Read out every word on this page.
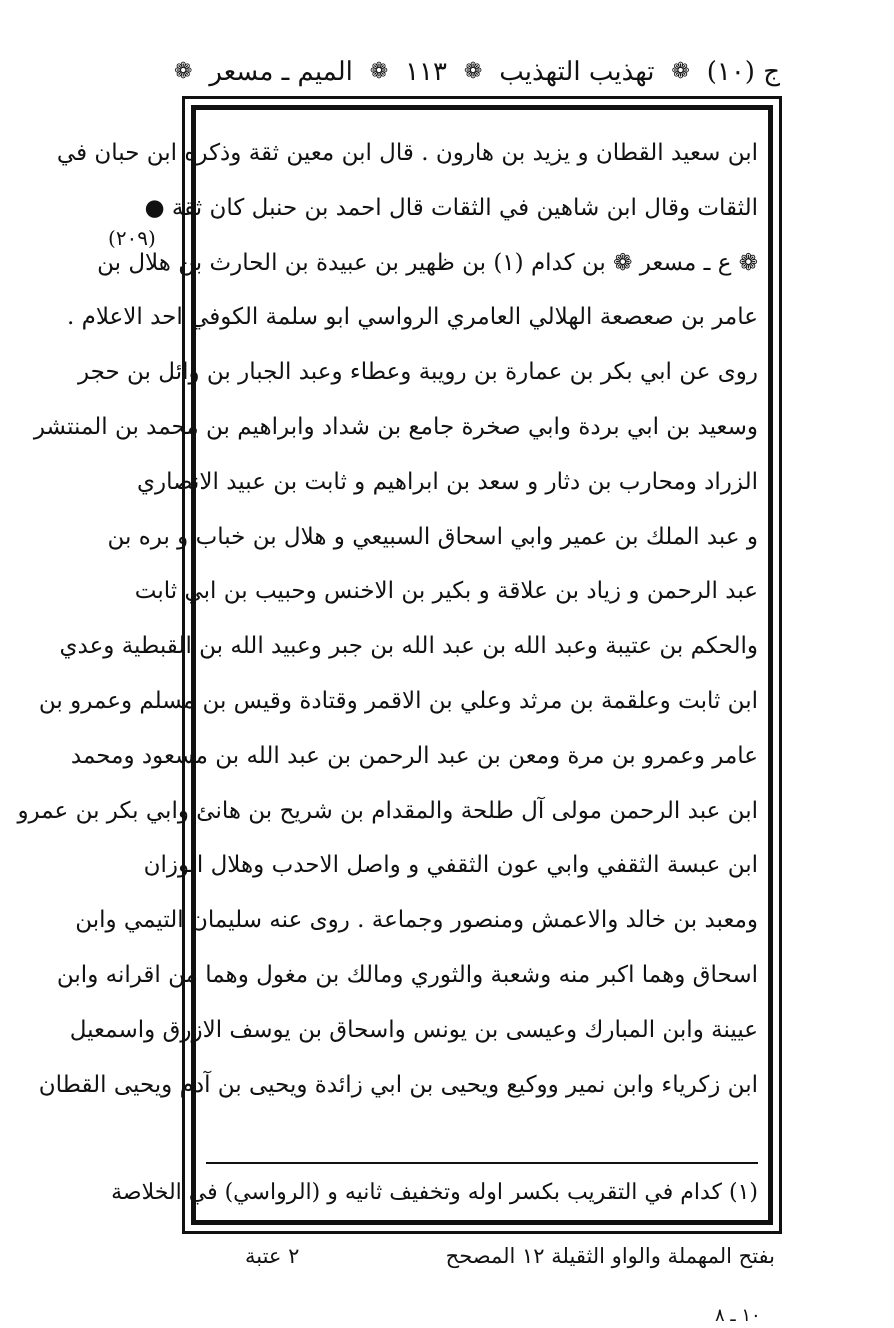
ج (١٠)
❁
تهذيب التهذيب
❁
١١٣
❁
الميم ـ مسعر
❁
(٢٠٩)
ابن سعيد القطان و يزيد بن هارون . قال ابن معين ثقة وذكره ابن حبان في
الثقات وقال ابن شاهين في الثقات قال احمد بن حنبل كان ثقة ●
❁ ع ـ مسعر ❁ بن كدام (١) بن ظهير بن عبيدة بن الحارث بن هلال بن
عامر بن صعصعة الهلالي العامري الرواسي ابو سلمة الكوفي احد الاعلام .
روى عن ابي بكر بن عمارة بن رويبة وعطاء وعبد الجبار بن وائل بن حجر
وسعيد بن ابي بردة وابي صخرة جامع بن شداد وابراهيم بن محمد بن المنتشر
الزراد ومحارب بن دثار و سعد بن ابراهيم و ثابت بن عبيد الانصاري
و عبد الملك بن عمير وابي اسحاق السبيعي و هلال بن خباب و بره بن
عبد الرحمن و زياد بن علاقة و بكير بن الاخنس وحبيب بن ابي ثابت
والحكم بن عتيبة وعبد الله بن عبد الله بن جبر وعبيد الله بن القبطية وعدي
ابن ثابت وعلقمة بن مرثد وعلي بن الاقمر وقتادة وقيس بن مسلم وعمرو بن
عامر وعمرو بن مرة ومعن بن عبد الرحمن بن عبد الله بن مسعود ومحمد
ابن عبد الرحمن مولى آل طلحة والمقدام بن شريح بن هانئ وابي بكر بن عمرو
ابن عبسة الثقفي وابي عون الثقفي و واصل الاحدب وهلال الوزان
ومعبد بن خالد والاعمش ومنصور وجماعة . روى عنه سليمان التيمي وابن
اسحاق وهما اكبر منه وشعبة والثوري ومالك بن مغول وهما من اقرانه وابن
عيينة وابن المبارك وعيسى بن يونس واسحاق بن يوسف الازرق واسمعيل
ابن زكرياء وابن نمير ووكيع ويحيى بن ابي زائدة ويحيى بن آدم ويحيى القطان
(١) كدام في التقريب بكسر اوله وتخفيف ثانيه و (الرواسي) في الخلاصة
بفتح المهملة والواو الثقيلة ١٢ المصحح
٢ عتبة
١٠ ـ ٨
